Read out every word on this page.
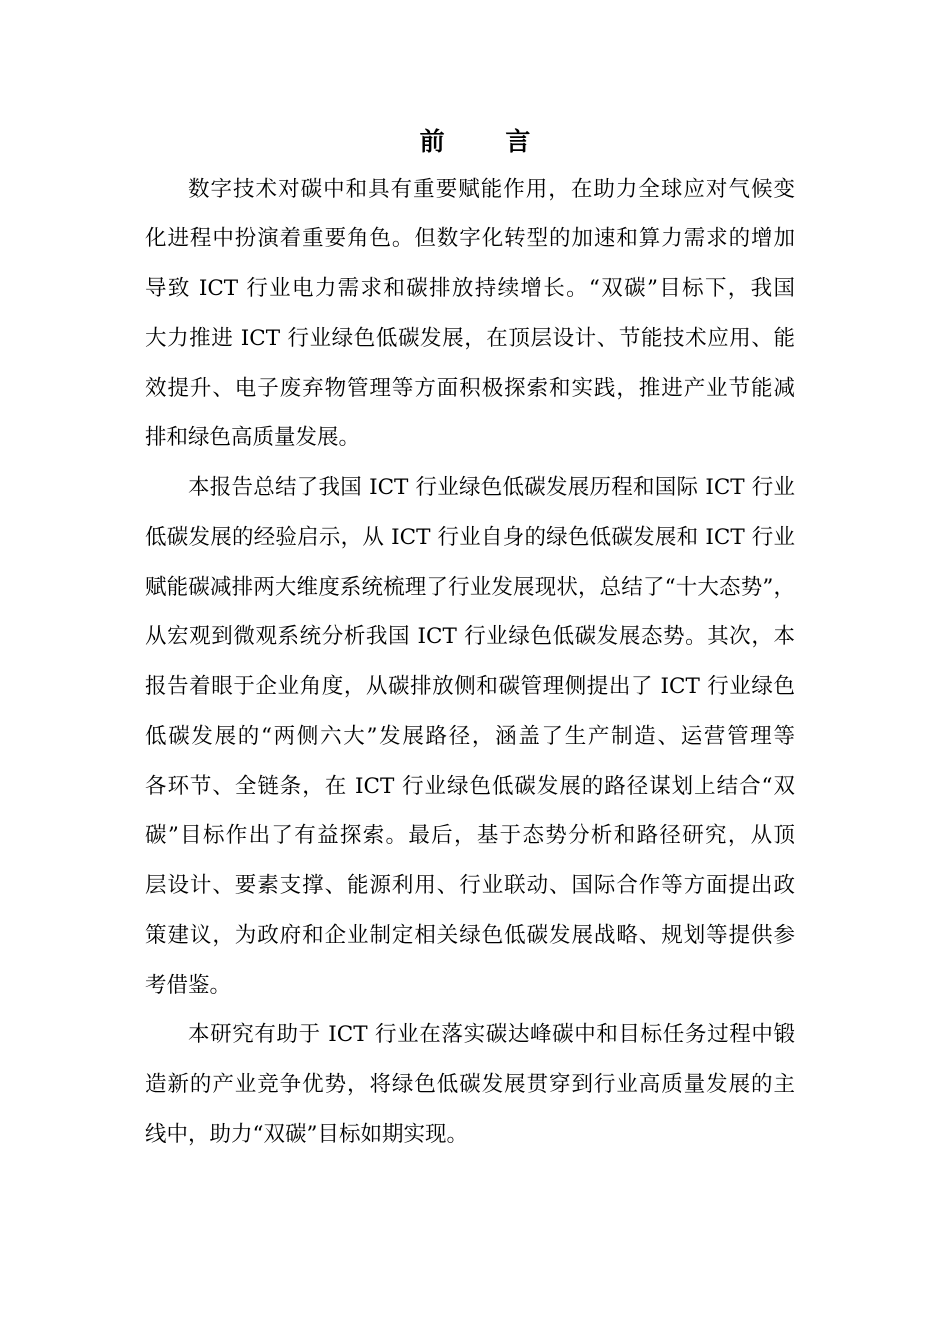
前 言
数字技术对碳中和具有重要赋能作用，在助力全球应对气候变
化进程中扮演着重要角色。但数字化转型的加速和算力需求的增加
导致 ICT 行业电力需求和碳排放持续增长。“双碳”目标下，我国
大力推进 ICT 行业绿色低碳发展，在顶层设计、节能技术应用、能
效提升、电子废弃物管理等方面积极探索和实践，推进产业节能减
排和绿色高质量发展。
本报告总结了我国 ICT 行业绿色低碳发展历程和国际 ICT 行业
低碳发展的经验启示，从 ICT 行业自身的绿色低碳发展和 ICT 行业
赋能碳减排两大维度系统梳理了行业发展现状，总结了“十大态势”，
从宏观到微观系统分析我国 ICT 行业绿色低碳发展态势。其次，本
报告着眼于企业角度，从碳排放侧和碳管理侧提出了 ICT 行业绿色
低碳发展的“两侧六大”发展路径，涵盖了生产制造、运营管理等
各环节、全链条，在 ICT 行业绿色低碳发展的路径谋划上结合“双
碳”目标作出了有益探索。最后，基于态势分析和路径研究，从顶
层设计、要素支撑、能源利用、行业联动、国际合作等方面提出政
策建议，为政府和企业制定相关绿色低碳发展战略、规划等提供参
考借鉴。
本研究有助于 ICT 行业在落实碳达峰碳中和目标任务过程中锻
造新的产业竞争优势，将绿色低碳发展贯穿到行业高质量发展的主
线中，助力“双碳”目标如期实现。
